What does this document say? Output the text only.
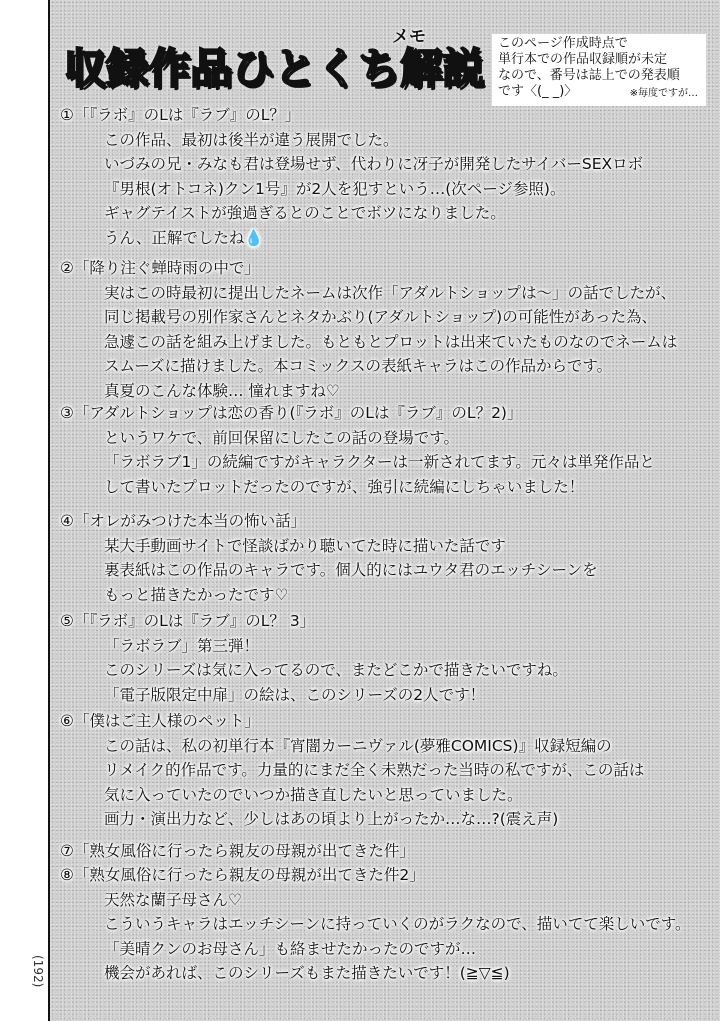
(192)
メモ
収録作品ひとくち解説
このページ作成時点で
単行本での作品収録順が未定
なので、番号は誌上での発表順
です〈(_ _)〉	※毎度ですが…
①「『ラボ』のLは『ラブ』のL？」
この作品、最初は後半が違う展開でした。
いづみの兄・みなも君は登場せず、代わりに冴子が開発したサイバーSEXロボ
『男根(オトコネ)クン1号』が2人を犯すという…(次ページ参照)。
ギャグテイストが強過ぎるとのことでボツになりました。
うん、正解でしたね💧
②「降り注ぐ蝉時雨の中で」
実はこの時最初に提出したネームは次作「アダルトショップは～」の話でしたが、
同じ掲載号の別作家さんとネタかぶり(アダルトショップ)の可能性があった為、
急遽この話を組み上げました。もともとプロットは出来ていたものなのでネームは
スムーズに描けました。本コミックスの表紙キャラはこの作品からです。
真夏のこんな体験… 憧れますね♡
③「アダルトショップは恋の香り(『ラボ』のLは『ラブ』のL？2)」
というワケで、前回保留にしたこの話の登場です。
「ラボラブ1」の続編ですがキャラクターは一新されてます。元々は単発作品と
して書いたプロットだったのですが、強引に続編にしちゃいました！
④「オレがみつけた本当の怖い話」
某大手動画サイトで怪談ばかり聴いてた時に描いた話です
裏表紙はこの作品のキャラです。個人的にはユウタ君のエッチシーンを
もっと描きたかったです♡
⑤「『ラボ』のLは『ラブ』のL？ 3」
「ラボラブ」第三弾！
このシリーズは気に入ってるので、またどこかで描きたいですね。
「電子版限定中扉」の絵は、このシリーズの2人です！
⑥「僕はご主人様のペット」
この話は、私の初単行本『宵闇カーニヴァル(夢雅COMICS)』収録短編の
リメイク的作品です。力量的にまだ全く未熟だった当時の私ですが、この話は
気に入っていたのでいつか描き直したいと思っていました。
画力・演出力など、少しはあの頃より上がったか…な…?(震え声)
⑦「熟女風俗に行ったら親友の母親が出てきた件」
⑧「熟女風俗に行ったら親友の母親が出てきた件2」
天然な蘭子母さん♡
こういうキャラはエッチシーンに持っていくのがラクなので、描いてて楽しいです。
「美晴クンのお母さん」も絡ませたかったのですが…
機会があれば、このシリーズもまた描きたいです！(≧▽≦)
